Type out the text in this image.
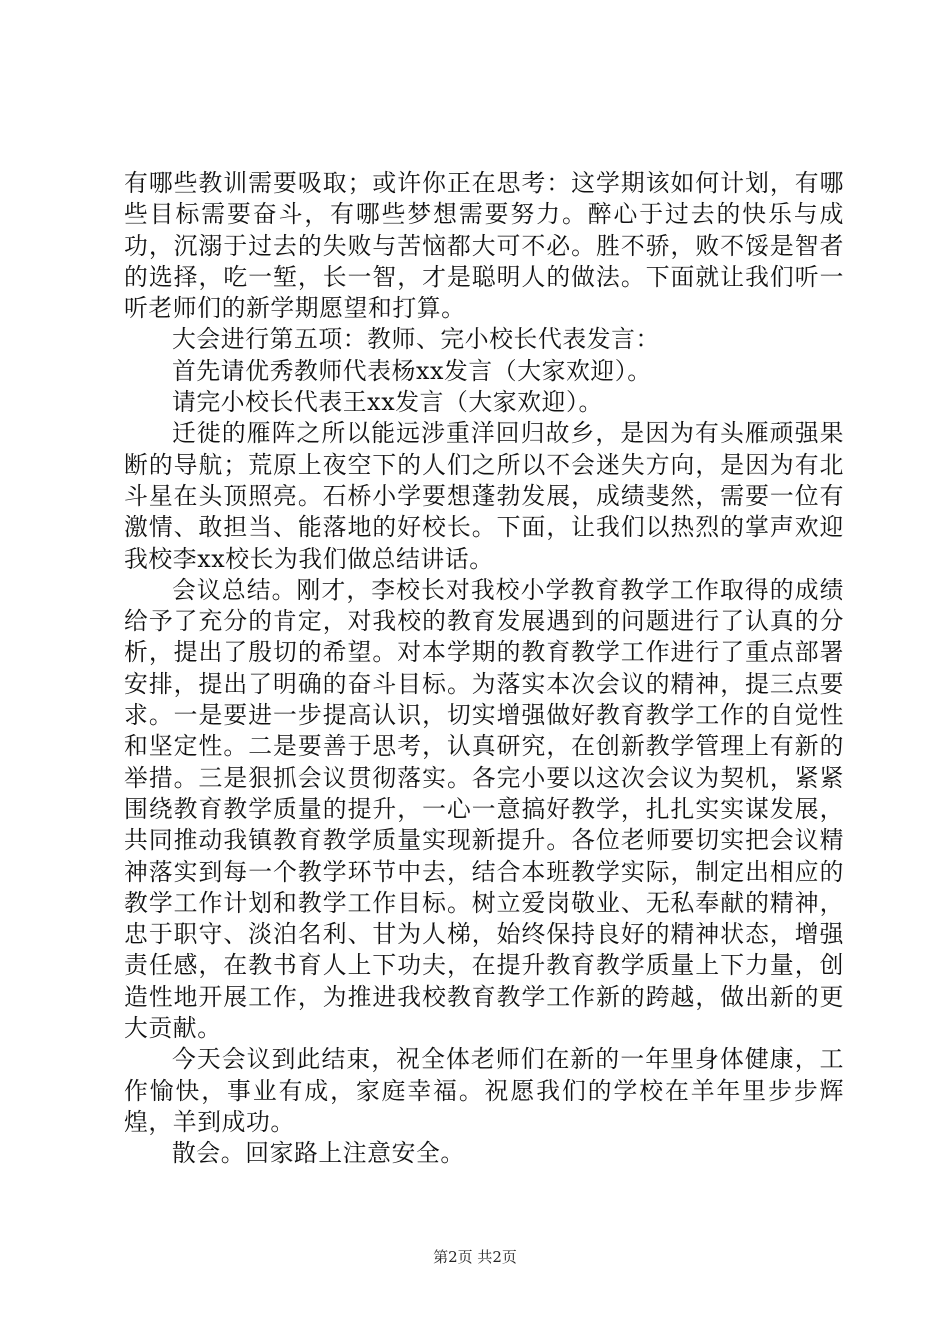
有哪些教训需要吸取；或许你正在思考：这学期该如何计划，有哪些目标需要奋斗，有哪些梦想需要努力。醉心于过去的快乐与成功，沉溺于过去的失败与苦恼都大可不必。胜不骄，败不馁是智者的选择，吃一堑，长一智，才是聪明人的做法。下面就让我们听一听老师们的新学期愿望和打算。

大会进行第五项：教师、完小校长代表发言：

首先请优秀教师代表杨xx发言（大家欢迎）。

请完小校长代表王xx发言（大家欢迎）。

迁徙的雁阵之所以能远涉重洋回归故乡，是因为有头雁顽强果断的导航；荒原上夜空下的人们之所以不会迷失方向，是因为有北斗星在头顶照亮。石桥小学要想蓬勃发展，成绩斐然，需要一位有激情、敢担当、能落地的好校长。下面，让我们以热烈的掌声欢迎我校李xx校长为我们做总结讲话。

会议总结。刚才，李校长对我校小学教育教学工作取得的成绩给予了充分的肯定，对我校的教育发展遇到的问题进行了认真的分析，提出了殷切的希望。对本学期的教育教学工作进行了重点部署安排，提出了明确的奋斗目标。为落实本次会议的精神，提三点要求。一是要进一步提高认识，切实增强做好教育教学工作的自觉性和坚定性。二是要善于思考，认真研究，在创新教学管理上有新的举措。三是狠抓会议贯彻落实。各完小要以这次会议为契机，紧紧围绕教育教学质量的提升，一心一意搞好教学，扎扎实实谋发展，共同推动我镇教育教学质量实现新提升。各位老师要切实把会议精神落实到每一个教学环节中去，结合本班教学实际，制定出相应的教学工作计划和教学工作目标。树立爱岗敬业、无私奉献的精神，忠于职守、淡泊名利、甘为人梯，始终保持良好的精神状态，增强责任感，在教书育人上下功夫，在提升教育教学质量上下力量，创造性地开展工作，为推进我校教育教学工作新的跨越，做出新的更大贡献。

今天会议到此结束，祝全体老师们在新的一年里身体健康，工作愉快，事业有成，家庭幸福。祝愿我们的学校在羊年里步步辉煌，羊到成功。

散会。回家路上注意安全。

第2页 共2页
